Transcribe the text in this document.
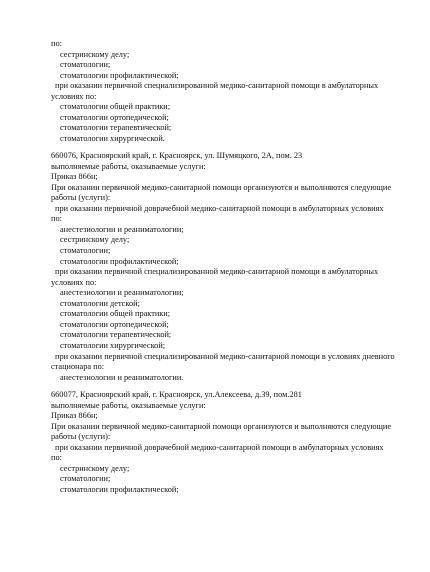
по:
сестринскому делу;
стоматологии;
стоматологии профилактической;
при оказании первичной специализированной медико-санитарной помощи в амбулаторных
условиях по:
стоматологии общей практики;
стоматологии ортопедической;
стоматологии терапевтической;
стоматологии хирургической.
660076, Красноярский край, г. Красноярск, ул. Шумяцкого, 2А, пом. 23
выполняемые работы, оказываемые услуги:
Приказ 866н;
При оказании первичной медико-санитарной помощи организуются и выполняются следующие
работы (услуги):
при оказании первичной доврачебной медико-санитарной помощи в амбулаторных условиях
по:
анестезиологии и реаниматологии;
сестринскому делу;
стоматологии;
стоматологии профилактической;
при оказании первичной специализированной медико-санитарной помощи в амбулаторных
условиях по:
анестезиологии и реаниматологии;
стоматологии детской;
стоматологии общей практики;
стоматологии ортопедической;
стоматологии терапевтической;
стоматологии хирургической;
при оказании первичной специализированной медико-санитарной помощи в условиях дневного
стационара по:
анестезиологии и реаниматологии.
660077, Красноярский край, г. Красноярск, ул.Алексеева, д.39, пом.281
выполняемые работы, оказываемые услуги:
Приказ 866н;
При оказании первичной медико-санитарной помощи организуются и выполняются следующие
работы (услуги):
при оказании первичной доврачебной медико-санитарной помощи в амбулаторных условиях
по:
сестринскому делу;
стоматологии;
стоматологии профилактической;
